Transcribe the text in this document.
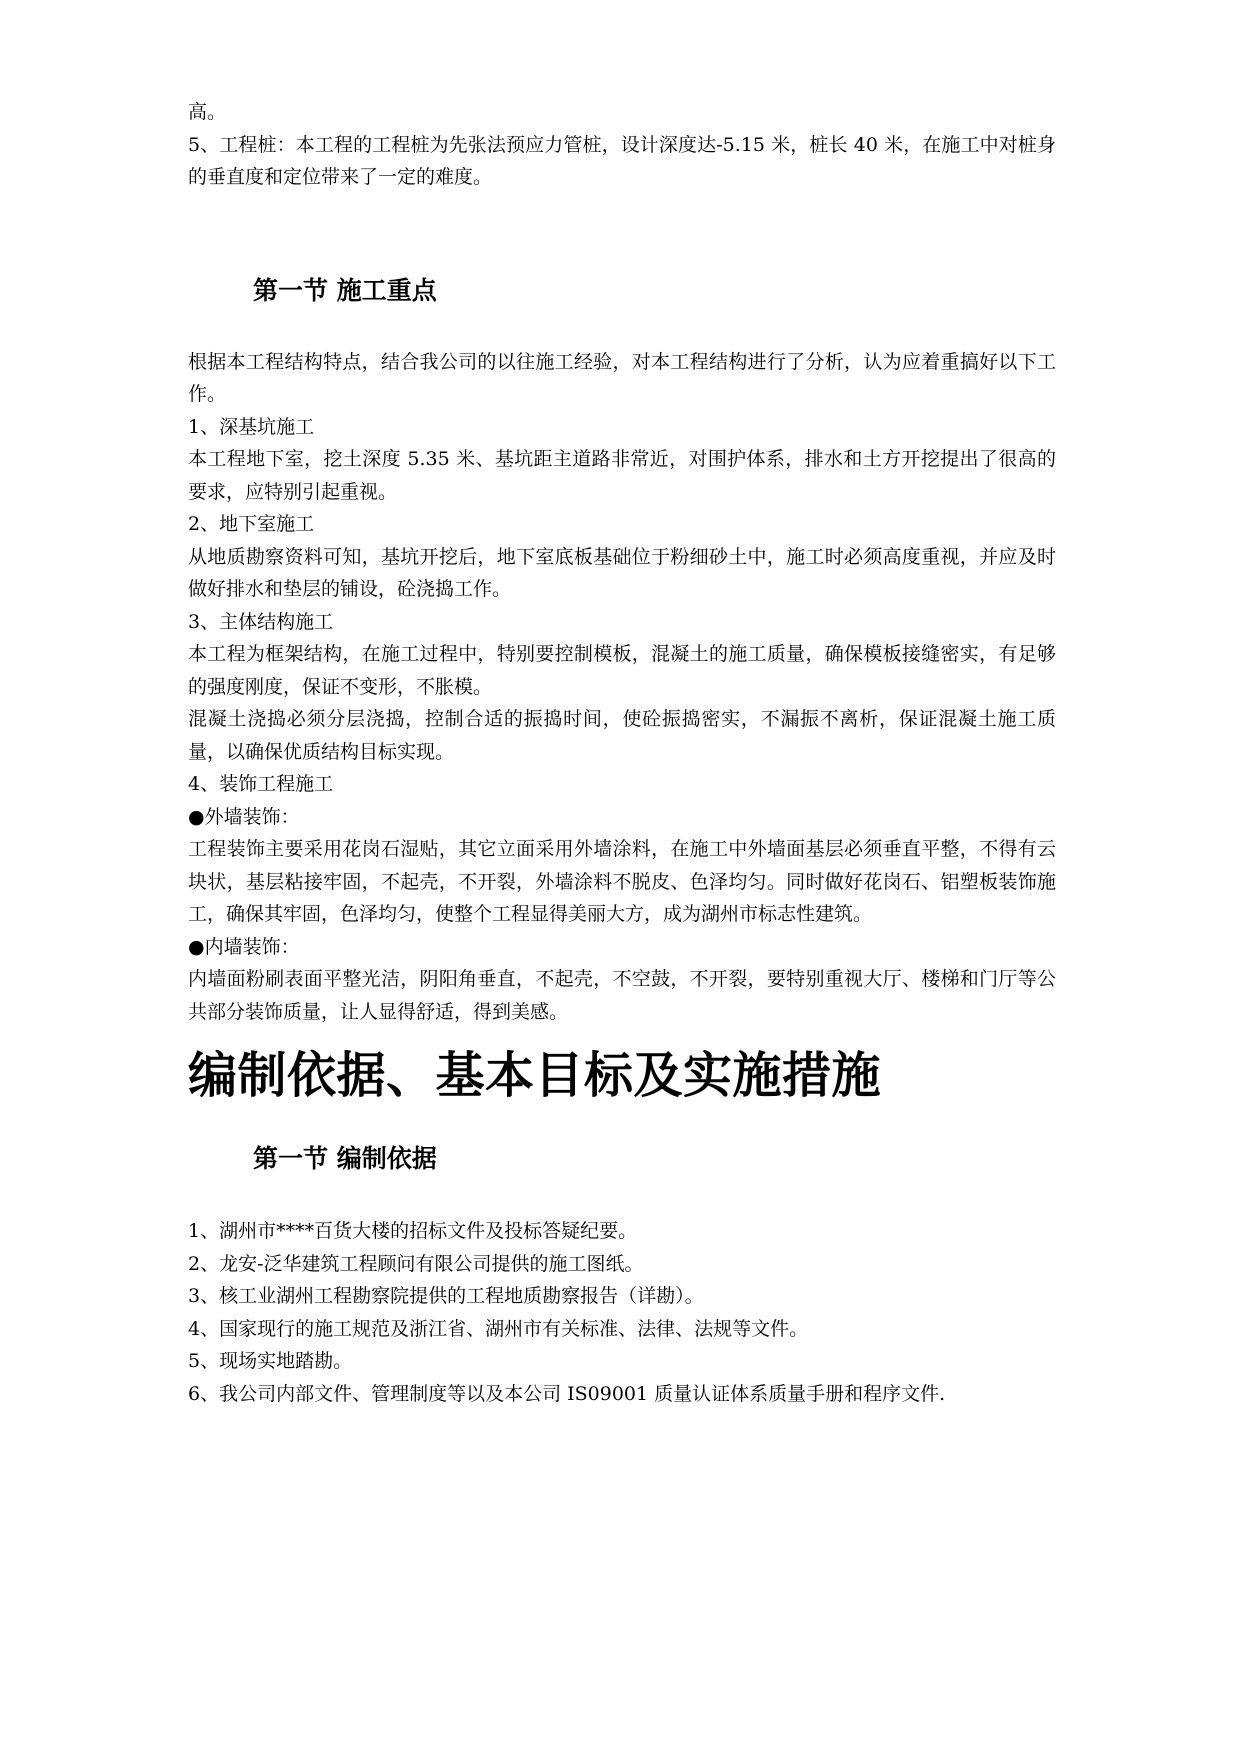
高。

5、工程桩：本工程的工程桩为先张法预应力管桩，设计深度达-5.15 米，桩长 40 米，在施工中对桩身的垂直度和定位带来了一定的难度。

第一节 施工重点

根据本工程结构特点，结合我公司的以往施工经验，对本工程结构进行了分析，认为应着重搞好以下工作。

1、深基坑施工

本工程地下室，挖土深度 5.35 米、基坑距主道路非常近，对围护体系，排水和土方开挖提出了很高的要求，应特别引起重视。

2、地下室施工

从地质勘察资料可知，基坑开挖后，地下室底板基础位于粉细砂土中，施工时必须高度重视，并应及时做好排水和垫层的铺设，砼浇捣工作。

3、主体结构施工

本工程为框架结构，在施工过程中，特别要控制模板，混凝土的施工质量，确保模板接缝密实，有足够的强度刚度，保证不变形，不胀模。

混凝土浇捣必须分层浇捣，控制合适的振捣时间，使砼振捣密实，不漏振不离析，保证混凝土施工质量，以确保优质结构目标实现。

4、装饰工程施工

●外墙装饰：

工程装饰主要采用花岗石湿贴，其它立面采用外墙涂料，在施工中外墙面基层必须垂直平整，不得有云块状，基层粘接牢固，不起壳，不开裂，外墙涂料不脱皮、色泽均匀。同时做好花岗石、铝塑板装饰施工，确保其牢固，色泽均匀，使整个工程显得美丽大方，成为湖州市标志性建筑。

●内墙装饰：

内墙面粉刷表面平整光洁，阴阳角垂直，不起壳，不空鼓，不开裂，要特别重视大厅、楼梯和门厅等公共部分装饰质量，让人显得舒适，得到美感。

编制依据、基本目标及实施措施
第一节 编制依据

1、湖州市****百货大楼的招标文件及投标答疑纪要。

2、龙安-泛华建筑工程顾问有限公司提供的施工图纸。

3、核工业湖州工程勘察院提供的工程地质勘察报告（详勘）。

4、国家现行的施工规范及浙江省、湖州市有关标准、法律、法规等文件。

5、现场实地踏勘。

6、我公司内部文件、管理制度等以及本公司 IS09001 质量认证体系质量手册和程序文件.
